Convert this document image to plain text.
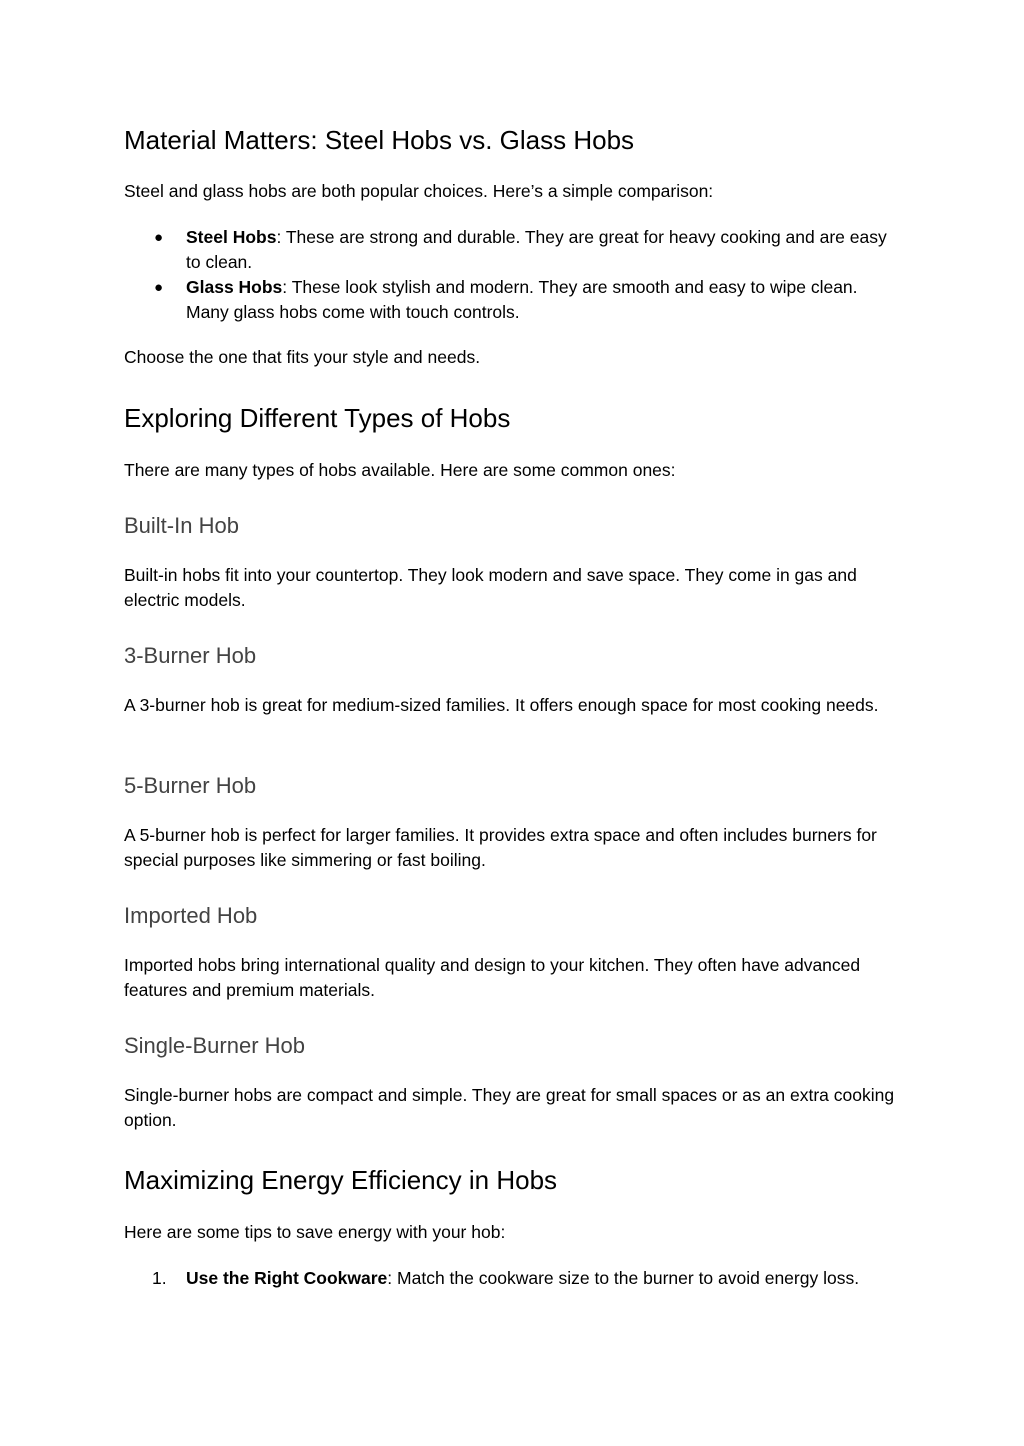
Material Matters: Steel Hobs vs. Glass Hobs

Steel and glass hobs are both popular choices. Here’s a simple comparison:

● Steel Hobs: These are strong and durable. They are great for heavy cooking and are easy to clean.
● Glass Hobs: These look stylish and modern. They are smooth and easy to wipe clean. Many glass hobs come with touch controls.

Choose the one that fits your style and needs.

Exploring Different Types of Hobs

There are many types of hobs available. Here are some common ones:

Built-In Hob

Built-in hobs fit into your countertop. They look modern and save space. They come in gas and electric models.

3-Burner Hob

A 3-burner hob is great for medium-sized families. It offers enough space for most cooking needs.

5-Burner Hob

A 5-burner hob is perfect for larger families. It provides extra space and often includes burners for special purposes like simmering or fast boiling.

Imported Hob

Imported hobs bring international quality and design to your kitchen. They often have advanced features and premium materials.

Single-Burner Hob

Single-burner hobs are compact and simple. They are great for small spaces or as an extra cooking option.

Maximizing Energy Efficiency in Hobs

Here are some tips to save energy with your hob:

1. Use the Right Cookware: Match the cookware size to the burner to avoid energy loss.
